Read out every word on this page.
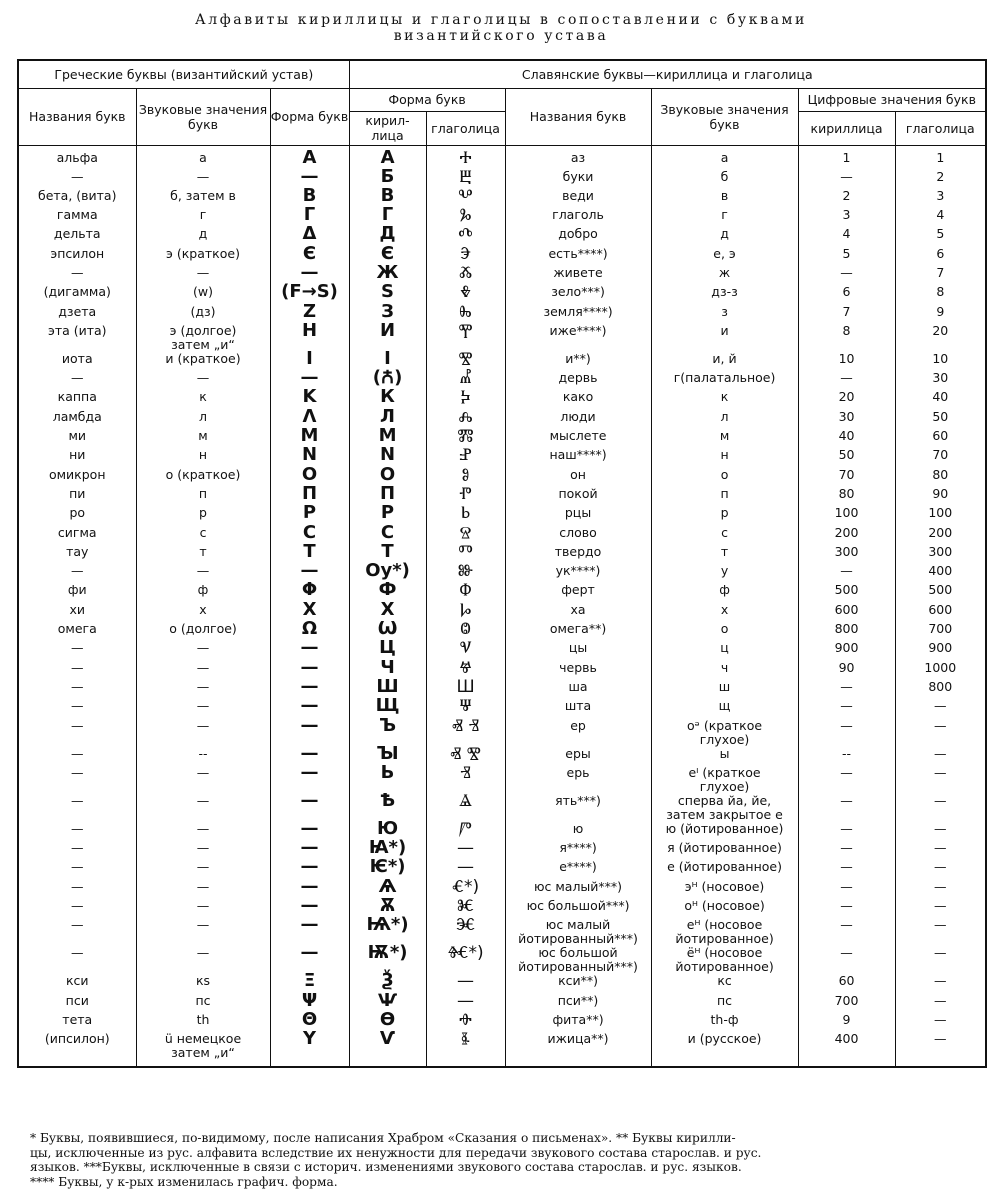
Алфавиты кириллицы и глаголицы в сопоставлении с буквами
византийского устава
Греческие буквы (византийский устав)			Славянские буквы—кириллица и глаголица					
Названия букв	Звуковые значения букв	Форма букв	Форма букв		Названия букв	Звуковые значения букв	Цифровые значения букв	
			кирил-лица	глаголица			кириллица	глаголица
альфа	а	Α	А	Ⰰ	аз	а	1	1
—	—	—	Б	Ⰱ	буки	б	—	2
бета, (вита)	б, затем в	Β	В	Ⰲ	веди	в	2	3
гамма	г	Γ	Г	Ⰳ	глаголь	г	3	4
дельта	д	Δ	Д	Ⰴ	добро	д	4	5
эпсилон	э (краткое)	Є	Є	Ⰵ	есть****)	е, э	5	6
—	—	—	Ж	Ⰶ	живете	ж	—	7
(дигамма)	(w)	(F→S)	S	Ⰷ	зело***)	дз-з	6	8
дзета	(дз)	Ζ	З	Ⰸ	земля****)	з	7	9
эта (ита)	э (долгое)
затем „и“	Η	И	Ⰹ	иже****)	и	8	20
иота	и (краткое)	Ι	І	Ⰺ	и**)	и, й	10	10
—	—	—	(Ꙉ)	Ⰼ	дервь	г(палатальное)	—	30
каппа	к	Κ	К	Ⰽ	како	к	20	40
ламбда	л	Λ	Л	Ⰾ	люди	л	30	50
ми	м	Μ	М	Ⰿ	мыслете	м	40	60
ни	н	Ν	N	Ⱀ	наш****)	н	50	70
омикрон	о (краткое)	Ο	О	Ⱁ	он	о	70	80
пи	п	Π	П	Ⱂ	покой	п	80	90
ро	р	Ρ	Р	Ⱃ	рцы	р	100	100
сигма	с	С	С	Ⱄ	слово	с	200	200
тау	т	Τ	Т	Ⱅ	твердо	т	300	300
—	—	—	Оу*)	Ⱆ	ук****)	у	—	400
фи	ф	Φ	Ф	Ⱇ	ферт	ф	500	500
хи	х	Χ	Х	Ⱈ	ха	х	600	600
омега	о (долгое)	Ω	Ѡ	Ⱉ	омега**)	о	800	700
—	—	—	Ц	Ⱌ	цы	ц	900	900
—	—	—	Ч	Ⱍ	червь	ч	90	1000
—	—	—	Ш	Ш	ша	ш	—	800
—	—	—	Щ	Ⱋ	шта	щ	—	—
—	—	—	Ъ	Ⱏ Ⱐ	ер	оᵊ (краткое
глухое)	—	—
—	--	—	Ꙑ	Ⱏ Ⰺ	еры	ы	--	—
—	—	—	Ь	Ⱐ	ерь	еᴵ (краткое
глухое)	—	—
—	—	—	Ѣ	Ⱑ	ять***)	сперва йа, йе,
затем закрытое е	—	—
—	—	—	Ю	Ⱓ	ю	ю (йотированное)	—	—
—	—	—	Ꙗ*)	—	я****)	я (йотированное)	—	—
—	—	—	Ѥ*)	—	е****)	е (йотированное)	—	—
—	—	—	Ѧ	Ⱔ*)	юс малый***)	эᴴ (носовое)	—	—
—	—	—	Ѫ	Ⱘ	юс большой***)	оᴴ (носовое)	—	—
—	—	—	Ѩ*)	Ⱗ	юс малый
йотированный***)	еᴴ (носовое
йотированное)	—	—
—	—	—	Ѭ*)	Ⱙ*)	юс большой
йотированный***)	ёᴴ (носовое
йотированное)	—	—
кси	кѕ	Ξ	Ѯ	—	кси**)	кс	60	—
пси	пс	Ψ	Ѱ	—	пси**)	пс	700	—
тета	th	Θ	Ѳ	Ⱚ	фита**)	th-ф	9	—
(ипсилон)	ü немецкое
затем „и“	Υ	Ѵ	Ⱛ	ижица**)	и (русское)	400	—
* Буквы, появившиеся, по-видимому, после написания Храбром «Сказания о письменах». ** Буквы кирилли-
цы, исключенные из рус. алфавита вследствие их ненужности для передачи звукового состава старослав. и рус.
языков. ***Буквы, исключенные в связи с историч. изменениями звукового состава старослав. и рус. языков.
**** Буквы, у к-рых изменилась графич. форма.
